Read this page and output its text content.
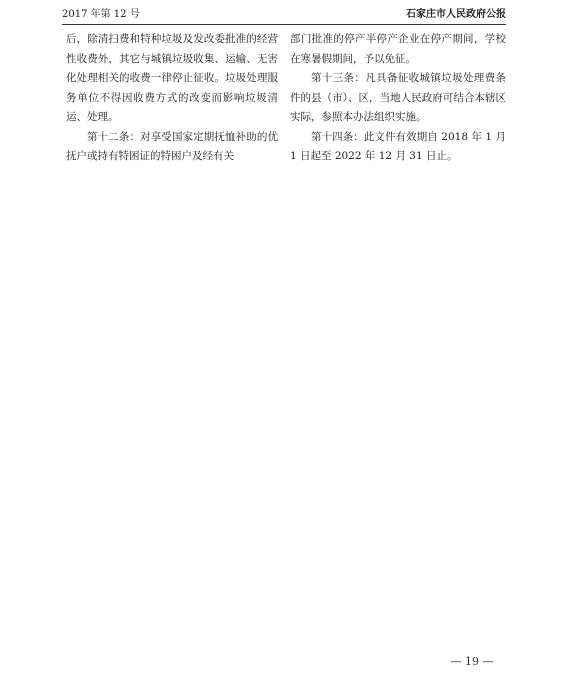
2017 年第 12 号	石家庄市人民政府公报

后，除清扫费和特种垃圾及发改委批准的经营性收费外，其它与城镇垃圾收集、运输、无害化处理相关的收费一律停止征收。垃圾处理服务单位不得因收费方式的改变而影响垃圾清运、处理。

第十二条：对享受国家定期抚恤补助的优抚户或持有特困证的特困户及经有关

部门批准的停产半停产企业在停产期间，学校在寒暑假期间，予以免征。

第十三条：凡具备征收城镇垃圾处理费条件的县（市）、区，当地人民政府可结合本辖区实际，参照本办法组织实施。

第十四条：此文件有效期自 2018 年 1 月 1 日起至 2022 年 12 月 31 日止。

— 19 —
